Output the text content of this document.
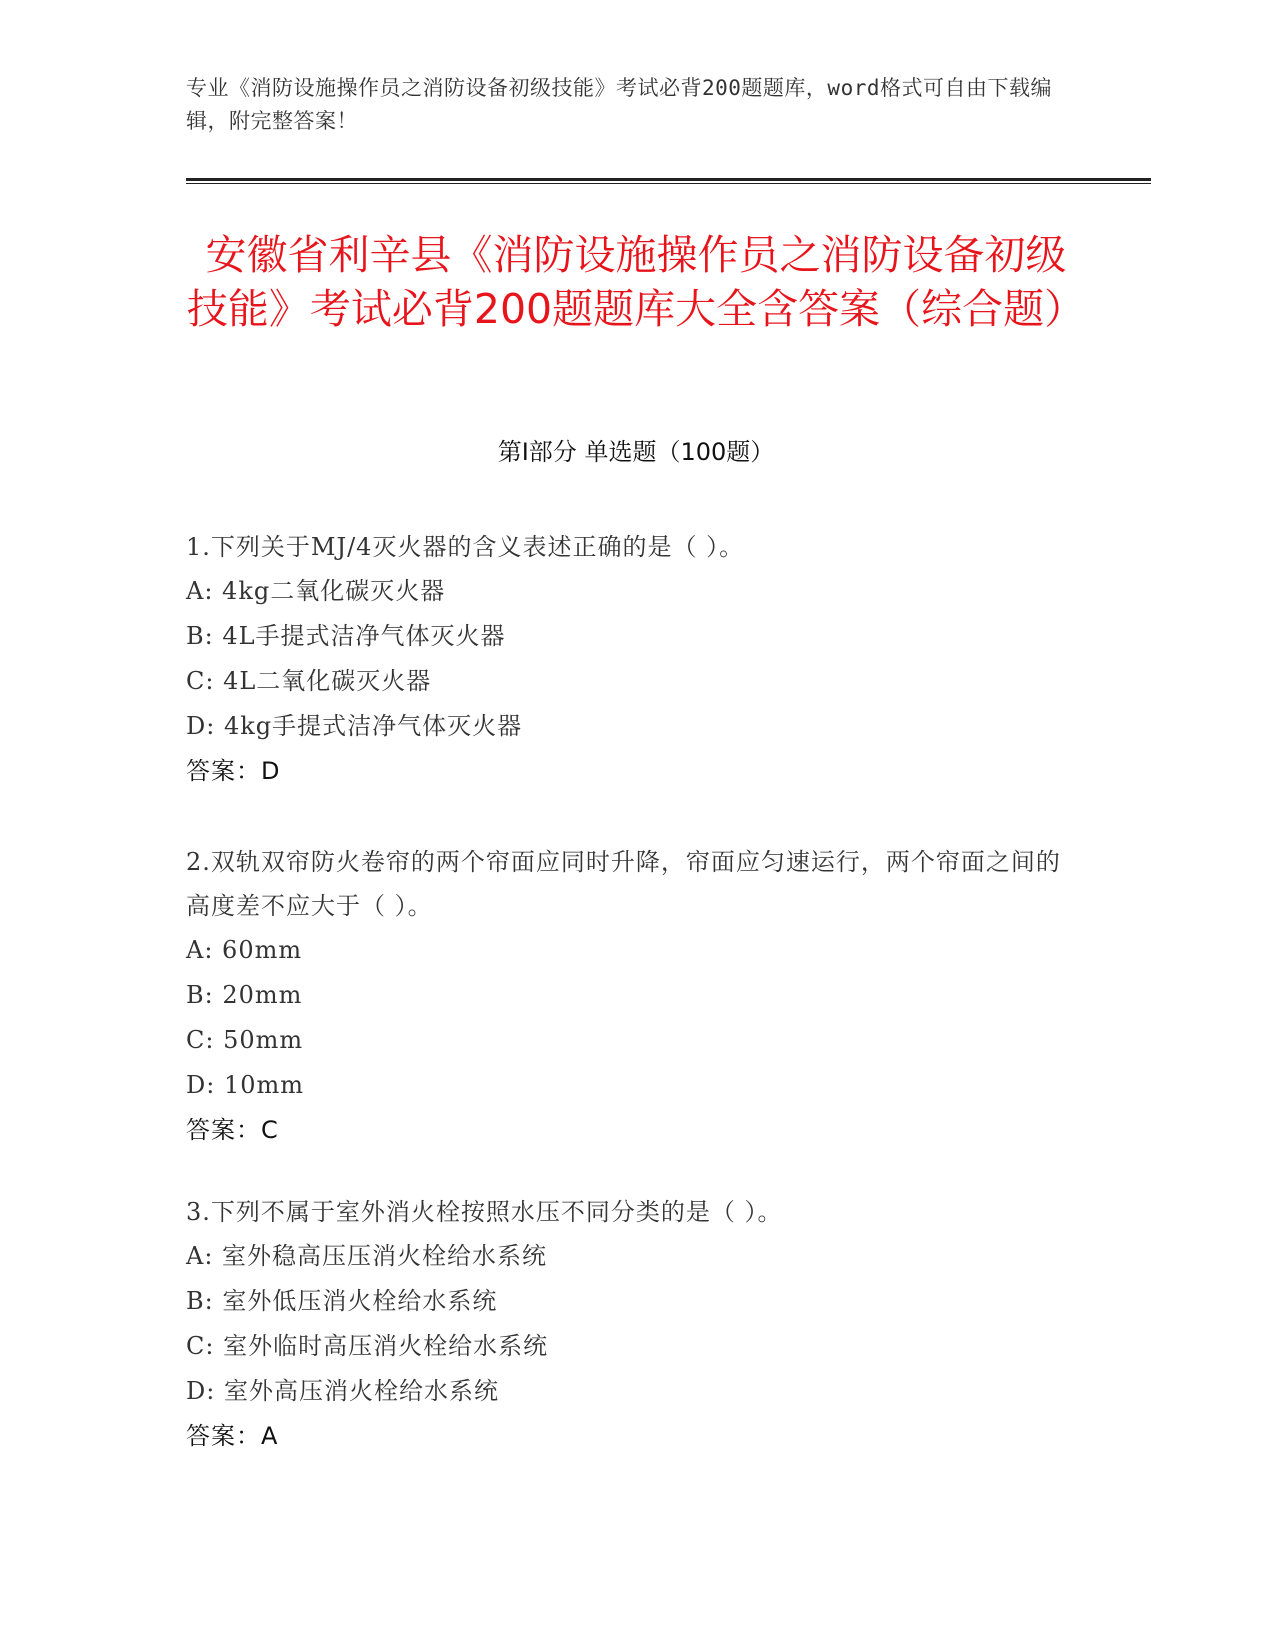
专业《消防设施操作员之消防设备初级技能》考试必背200题题库，word格式可自由下载编辑，附完整答案！
安徽省利辛县《消防设施操作员之消防设备初级技能》考试必背200题题库大全含答案（综合题）
第Ⅰ部分 单选题（100题）
1.下列关于MJ/4灭火器的含义表述正确的是（ ）。
A: 4kg二氧化碳灭火器
B: 4L手提式洁净气体灭火器
C: 4L二氧化碳灭火器
D: 4kg手提式洁净气体灭火器
答案：D
2.双轨双帘防火卷帘的两个帘面应同时升降，帘面应匀速运行，两个帘面之间的高度差不应大于（ ）。
A: 60mm
B: 20mm
C: 50mm
D: 10mm
答案：C
3.下列不属于室外消火栓按照水压不同分类的是（ ）。
A: 室外稳高压压消火栓给水系统
B: 室外低压消火栓给水系统
C: 室外临时高压消火栓给水系统
D: 室外高压消火栓给水系统
答案：A
